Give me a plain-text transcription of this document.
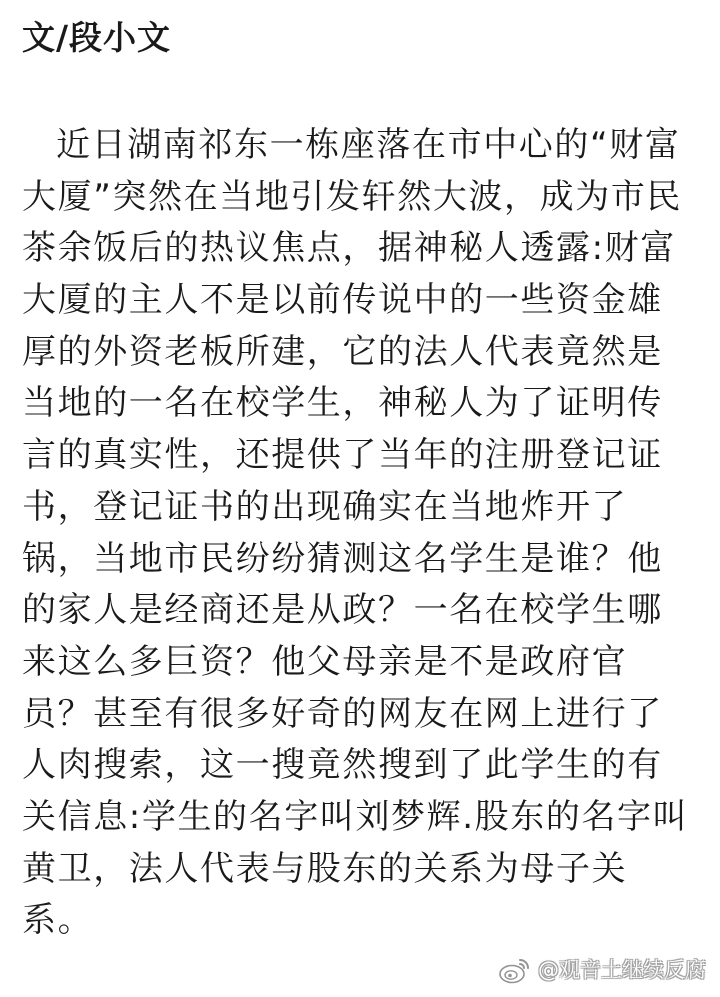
文/段小文
近日湖南祁东一栋座落在市中心的“财富
大厦”突然在当地引发轩然大波，成为市民
茶余饭后的热议焦点，据神秘人透露:财富
大厦的主人不是以前传说中的一些资金雄
厚的外资老板所建，它的法人代表竟然是
当地的一名在校学生，神秘人为了证明传
言的真实性，还提供了当年的注册登记证
书，登记证书的出现确实在当地炸开了
锅，当地市民纷纷猜测这名学生是谁？他
的家人是经商还是从政？一名在校学生哪
来这么多巨资？他父母亲是不是政府官
员？甚至有很多好奇的网友在网上进行了
人肉搜索，这一搜竟然搜到了此学生的有
关信息:学生的名字叫刘梦辉.股东的名字叫
黄卫，法人代表与股东的关系为母子关
系。
@观音土继续反腐
